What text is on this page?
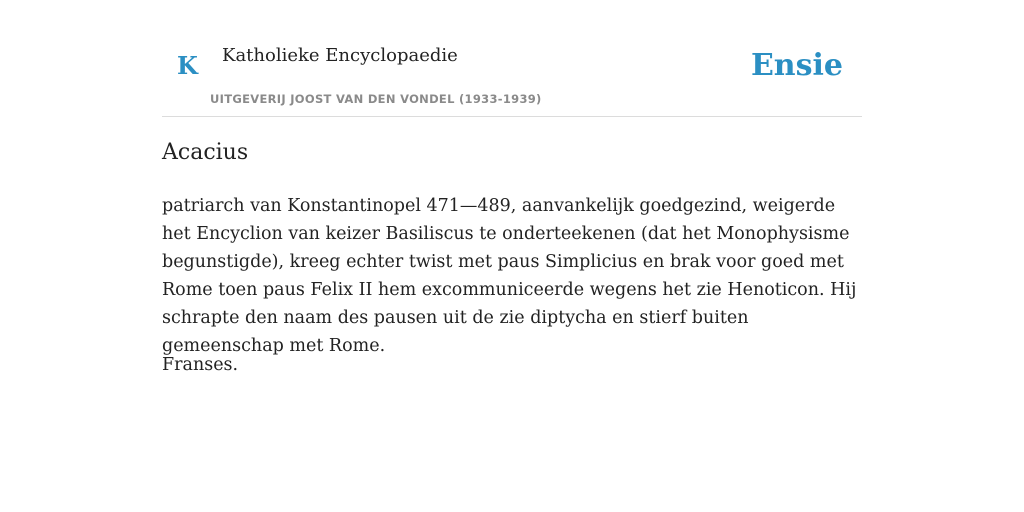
K Katholieke Encyclopaedie
UITGEVERIJ JOOST VAN DEN VONDEL (1933-1939)
Ensie
Acacius

patriarch van Konstantinopel 471—489, aanvankelijk goedgezind, weigerde het Encyclion van keizer Basiliscus te onderteekenen (dat het Monophysisme begunstigde), kreeg echter twist met paus Simplicius en brak voor goed met Rome toen paus Felix II hem excommuniceerde wegens het zie Henoticon. Hij schrapte den naam des pausen uit de zie diptycha en stierf buiten gemeenschap met Rome.

Franses.
